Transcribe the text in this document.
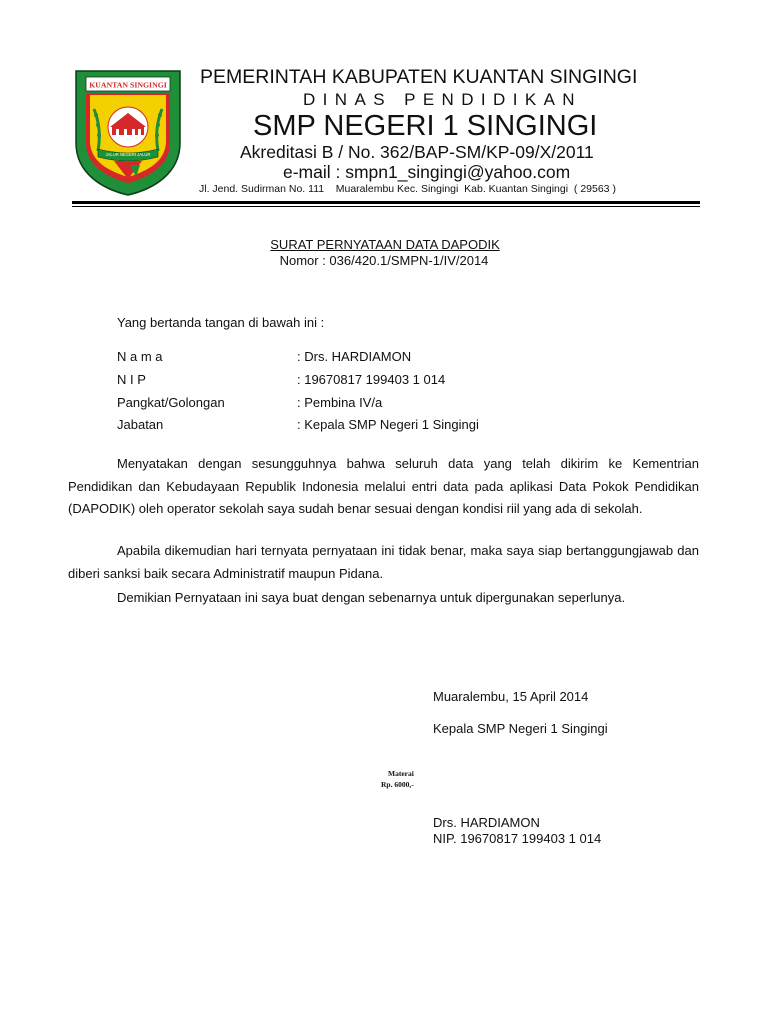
KUANTAN SINGINGI
JALUR NEGERI JALUR
PEMERINTAH KABUPATEN KUANTAN SINGINGI
DINAS PENDIDIKAN
SMP NEGERI 1 SINGINGI
Akreditasi B / No. 362/BAP-SM/KP-09/X/2011
e-mail : smpn1_singingi@yahoo.com
Jl. Jend. Sudirman No. 111    Muaralembu Kec. Singingi  Kab. Kuantan Singingi  ( 29563 )
SURAT PERNYATAAN DATA DAPODIK
Nomor : 036/420.1/SMPN-1/IV/2014
Yang bertanda tangan di bawah ini :
N a m a	: Drs. HARDIAMON
N I P	: 19670817 199403 1 014
Pangkat/Golongan	: Pembina IV/a
Jabatan	: Kepala SMP Negeri 1 Singingi
Menyatakan dengan sesungguhnya bahwa seluruh data yang telah dikirim ke Kementrian Pendidikan dan Kebudayaan Republik Indonesia melalui entri data pada aplikasi Data Pokok Pendidikan (DAPODIK) oleh operator sekolah saya sudah benar sesuai dengan kondisi riil yang ada di sekolah.
Apabila dikemudian hari ternyata pernyataan ini tidak benar, maka saya siap bertanggungjawab dan diberi sanksi baik secara Administratif maupun Pidana.
Demikian Pernyataan ini saya buat dengan sebenarnya untuk dipergunakan seperlunya.
Muaralembu, 15 April 2014
Kepala SMP Negeri 1 Singingi
Materai
Rp. 6000,-
Drs. HARDIAMON
NIP. 19670817 199403 1 014
